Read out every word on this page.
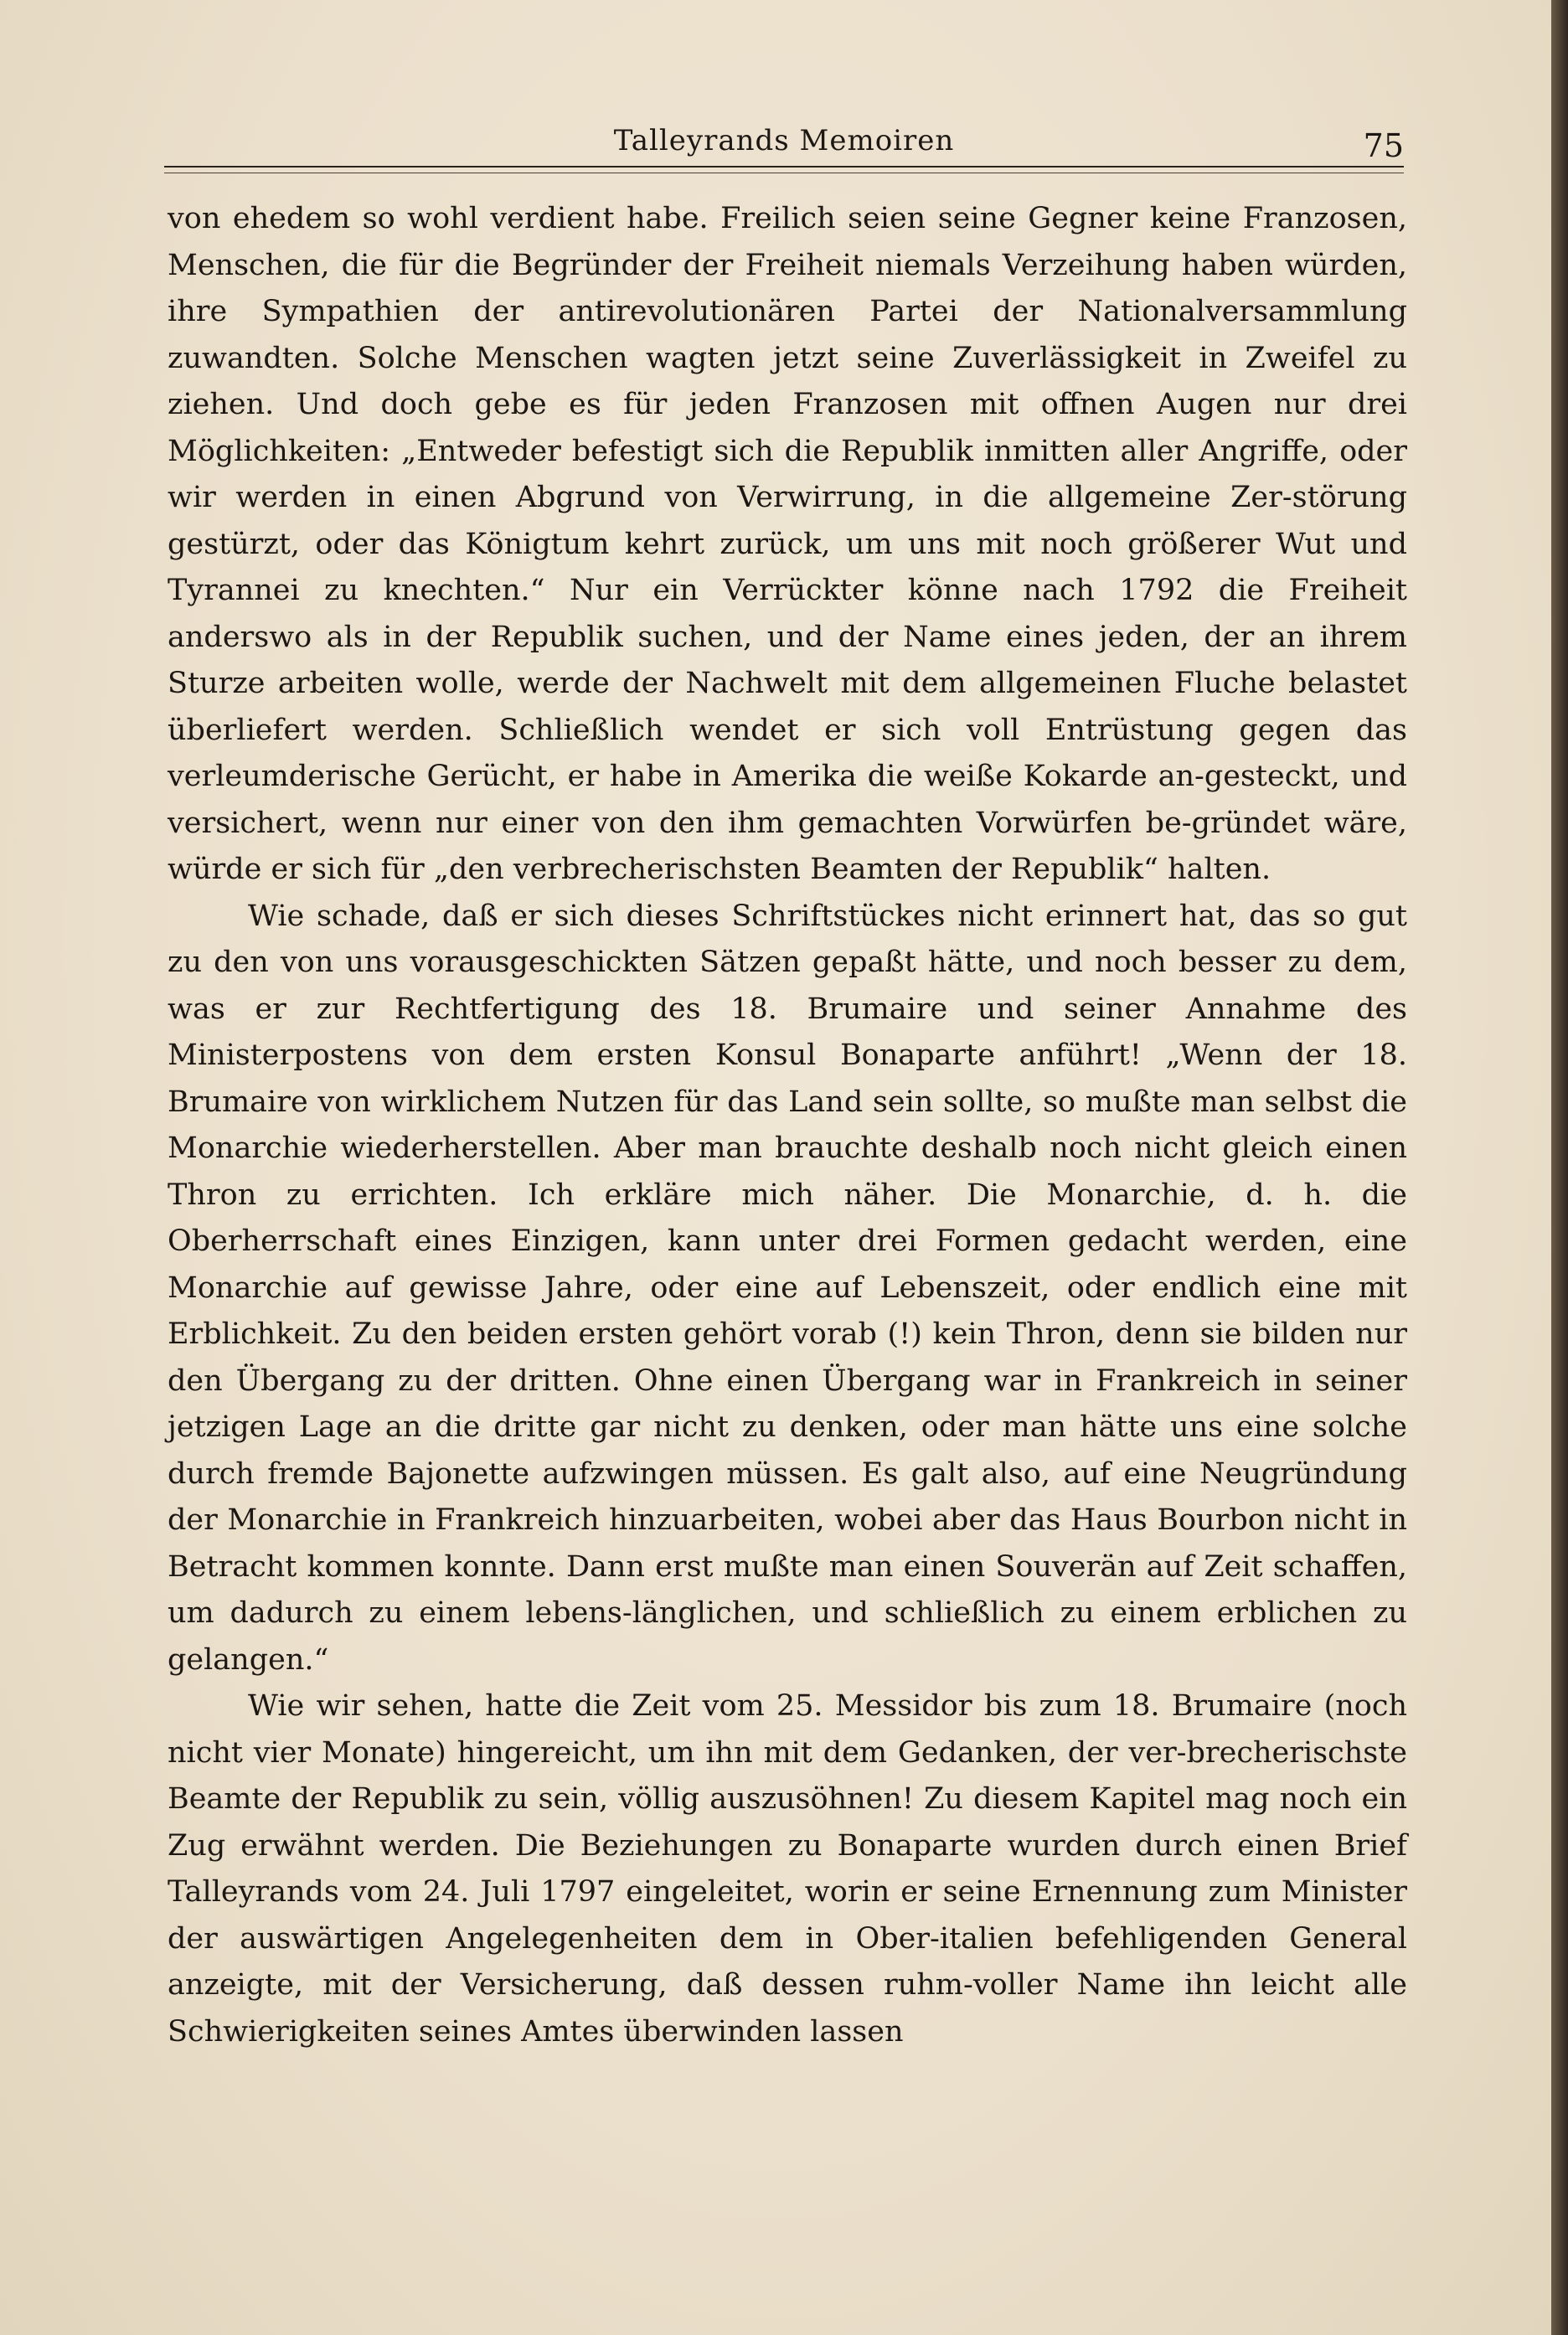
Talleyrands Memoiren	75

von ehedem so wohl verdient habe. Freilich seien seine Gegner keine Franzosen, Menschen, die für die Begründer der Freiheit niemals Verzeihung haben würden, ihre Sympathien der antirevolutionären Partei der Nationalversammlung zuwandten. Solche Menschen wagten jetzt seine Zuverlässigkeit in Zweifel zu ziehen. Und doch gebe es für jeden Franzosen mit offnen Augen nur drei Möglichkeiten: „Entweder befestigt sich die Republik inmitten aller Angriffe, oder wir werden in einen Abgrund von Verwirrung, in die allgemeine Zer‐störung gestürzt, oder das Königtum kehrt zurück, um uns mit noch größerer Wut und Tyrannei zu knechten.“ Nur ein Verrückter könne nach 1792 die Freiheit anderswo als in der Republik suchen, und der Name eines jeden, der an ihrem Sturze arbeiten wolle, werde der Nachwelt mit dem allgemeinen Fluche belastet überliefert werden. Schließlich wendet er sich voll Entrüstung gegen das verleumderische Gerücht, er habe in Amerika die weiße Kokarde an‐gesteckt, und versichert, wenn nur einer von den ihm gemachten Vorwürfen be‐gründet wäre, würde er sich für „den verbrecherischsten Beamten der Republik“ halten.

Wie schade, daß er sich dieses Schriftstückes nicht erinnert hat, das so gut zu den von uns vorausgeschickten Sätzen gepaßt hätte, und noch besser zu dem, was er zur Rechtfertigung des 18. Brumaire und seiner Annahme des Ministerpostens von dem ersten Konsul Bonaparte anführt! „Wenn der 18. Brumaire von wirklichem Nutzen für das Land sein sollte, so mußte man selbst die Monarchie wiederherstellen. Aber man brauchte deshalb noch nicht gleich einen Thron zu errichten. Ich erkläre mich näher. Die Monarchie, d. h. die Oberherrschaft eines Einzigen, kann unter drei Formen gedacht werden, eine Monarchie auf gewisse Jahre, oder eine auf Lebenszeit, oder endlich eine mit Erblichkeit. Zu den beiden ersten gehört vorab (!) kein Thron, denn sie bilden nur den Übergang zu der dritten. Ohne einen Übergang war in Frankreich in seiner jetzigen Lage an die dritte gar nicht zu denken, oder man hätte uns eine solche durch fremde Bajonette aufzwingen müssen. Es galt also, auf eine Neugründung der Monarchie in Frankreich hinzuarbeiten, wobei aber das Haus Bourbon nicht in Betracht kommen konnte. Dann erst mußte man einen Souverän auf Zeit schaffen, um dadurch zu einem lebens‐länglichen, und schließlich zu einem erblichen zu gelangen.“

Wie wir sehen, hatte die Zeit vom 25. Messidor bis zum 18. Brumaire (noch nicht vier Monate) hingereicht, um ihn mit dem Gedanken, der ver‐brecherischste Beamte der Republik zu sein, völlig auszusöhnen! Zu diesem Kapitel mag noch ein Zug erwähnt werden. Die Beziehungen zu Bonaparte wurden durch einen Brief Talleyrands vom 24. Juli 1797 eingeleitet, worin er seine Ernennung zum Minister der auswärtigen Angelegenheiten dem in Ober‐italien befehligenden General anzeigte, mit der Versicherung, daß dessen ruhm‐voller Name ihn leicht alle Schwierigkeiten seines Amtes überwinden lassen
